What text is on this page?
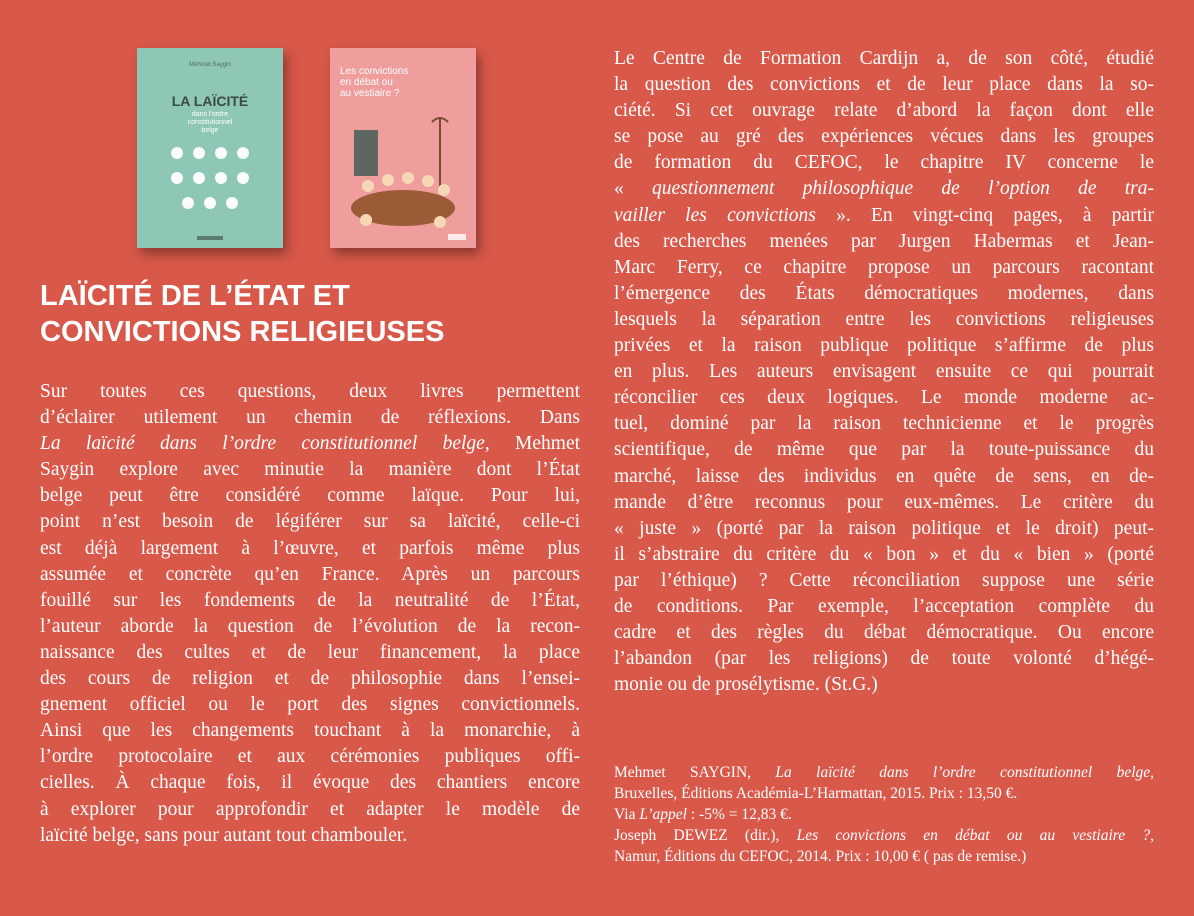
Mehmet Saygin
LA LAÏCITÉ
dans l'ordre
constitutionnel
belge
Les convictions
en débat ou
au vestiaire ?
LAÏCITÉ DE L’ÉTAT ET
CONVICTIONS RELIGIEUSES
Sur toutes ces questions, deux livres permettent
d’éclairer utilement un chemin de réflexions. Dans
La laïcité dans l’ordre constitutionnel belge, Mehmet
Saygin explore avec minutie la manière dont l’État
belge peut être considéré comme laïque. Pour lui,
point n’est besoin de légiférer sur sa laïcité, celle-ci
est déjà largement à l’œuvre, et parfois même plus
assumée et concrète qu’en France. Après un parcours
fouillé sur les fondements de la neutralité de l’État,
l’auteur aborde la question de l’évolution de la recon-
naissance des cultes et de leur financement, la place
des cours de religion et de philosophie dans l’ensei-
gnement officiel ou le port des signes convictionnels.
Ainsi que les changements touchant à la monarchie, à
l’ordre protocolaire et aux cérémonies publiques offi-
cielles. À chaque fois, il évoque des chantiers encore
à explorer pour approfondir et adapter le modèle de
laïcité belge, sans pour autant tout chambouler.
Le Centre de Formation Cardijn a, de son côté, étudié
la question des convictions et de leur place dans la so-
ciété. Si cet ouvrage relate d’abord la façon dont elle
se pose au gré des expériences vécues dans les groupes
de formation du CEFOC, le chapitre IV concerne le
« questionnement philosophique de l’option de tra-
vailler les convictions ». En vingt-cinq pages, à partir
des recherches menées par Jurgen Habermas et Jean-
Marc Ferry, ce chapitre propose un parcours racontant
l’émergence des États démocratiques modernes, dans
lesquels la séparation entre les convictions religieuses
privées et la raison publique politique s’affirme de plus
en plus. Les auteurs envisagent ensuite ce qui pourrait
réconcilier ces deux logiques. Le monde moderne ac-
tuel, dominé par la raison technicienne et le progrès
scientifique, de même que par la toute-puissance du
marché, laisse des individus en quête de sens, en de-
mande d’être reconnus pour eux-mêmes. Le critère du
« juste » (porté par la raison politique et le droit) peut-
il s’abstraire du critère du « bon » et du « bien » (porté
par l’éthique) ? Cette réconciliation suppose une série
de conditions. Par exemple, l’acceptation complète du
cadre et des règles du débat démocratique. Ou encore
l’abandon (par les religions) de toute volonté d’hégé-
monie ou de prosélytisme. (St.G.)
Mehmet SAYGIN, La laïcité dans l’ordre constitutionnel belge,
Bruxelles, Éditions Académia-L’Harmattan, 2015. Prix : 13,50 €.
Via L’appel : -5% = 12,83 €.
Joseph DEWEZ (dir.), Les convictions en débat ou au vestiaire ?,
Namur, Éditions du CEFOC, 2014. Prix : 10,00 € ( pas de remise.)
